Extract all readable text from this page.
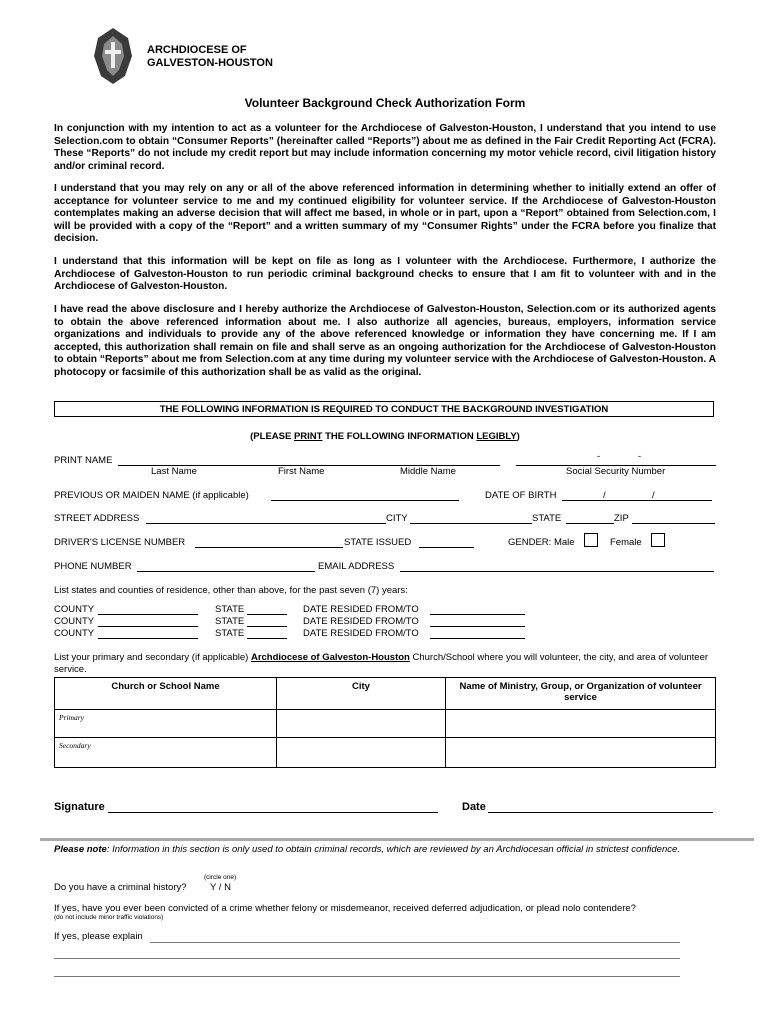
ARCHDIOCESE OF
GALVESTON-HOUSTON
Volunteer Background Check Authorization Form

In conjunction with my intention to act as a volunteer for the Archdiocese of Galveston-Houston, I understand that you intend to use Selection.com to obtain “Consumer Reports” (hereinafter called “Reports”) about me as defined in the Fair Credit Reporting Act (FCRA). These “Reports” do not include my credit report but may include information concerning my motor vehicle record, civil litigation history and/or criminal record.

I understand that you may rely on any or all of the above referenced information in determining whether to initially extend an offer of acceptance for volunteer service to me and my continued eligibility for volunteer service. If the Archdiocese of Galveston-Houston contemplates making an adverse decision that will affect me based, in whole or in part, upon a “Report” obtained from Selection.com, I will be provided with a copy of the “Report” and a written summary of my “Consumer Rights” under the FCRA before you finalize that decision.

I understand that this information will be kept on file as long as I volunteer with the Archdiocese. Furthermore, I authorize the Archdiocese of Galveston-Houston to run periodic criminal background checks to ensure that I am fit to volunteer with and in the Archdiocese of Galveston-Houston.

I have read the above disclosure and I hereby authorize the Archdiocese of Galveston-Houston, Selection.com or its authorized agents to obtain the above referenced information about me. I also authorize all agencies, bureaus, employers, information service organizations and individuals to provide any of the above referenced knowledge or information they have concerning me. If I am accepted, this authorization shall remain on file and shall serve as an ongoing authorization for the Archdiocese of Galveston-Houston to obtain “Reports” about me from Selection.com at any time during my volunteer service with the Archdiocese of Galveston-Houston. A photocopy or facsimile of this authorization shall be as valid as the original.

THE FOLLOWING INFORMATION IS REQUIRED TO CONDUCT THE BACKGROUND INVESTIGATION
(PLEASE PRINT THE FOLLOWING INFORMATION LEGIBLY)
PRINT NAME	-	-
Last Name	First Name	Middle Name	Social Security Number
PREVIOUS OR MAIDEN NAME (if applicable)	DATE OF BIRTH	/	/
STREET ADDRESS	CITY	STATE	ZIP
DRIVER'S LICENSE NUMBER	STATE ISSUED	GENDER: Male	Female
PHONE NUMBER	EMAIL ADDRESS
List states and counties of residence, other than above, for the past seven (7) years:
COUNTY	STATE	DATE RESIDED FROM/TO
COUNTY	STATE	DATE RESIDED FROM/TO
COUNTY	STATE	DATE RESIDED FROM/TO
List your primary and secondary (if applicable) Archdiocese of Galveston-Houston Church/School where you will volunteer, the city, and area of volunteer service.
Church or School Name	City	Name of Ministry, Group, or Organization of volunteer service
Primary		
Secondary		
Signature	Date
Please note: Information in this section is only used to obtain criminal records, which are reviewed by an Archdiocesan official in strictest confidence.
(circle one)
Do you have a criminal history? Y / N
If yes, have you ever been convicted of a crime whether felony or misdemeanor, received deferred adjudication, or plead nolo contendere?
(do not include minor traffic violations)
If yes, please explain
